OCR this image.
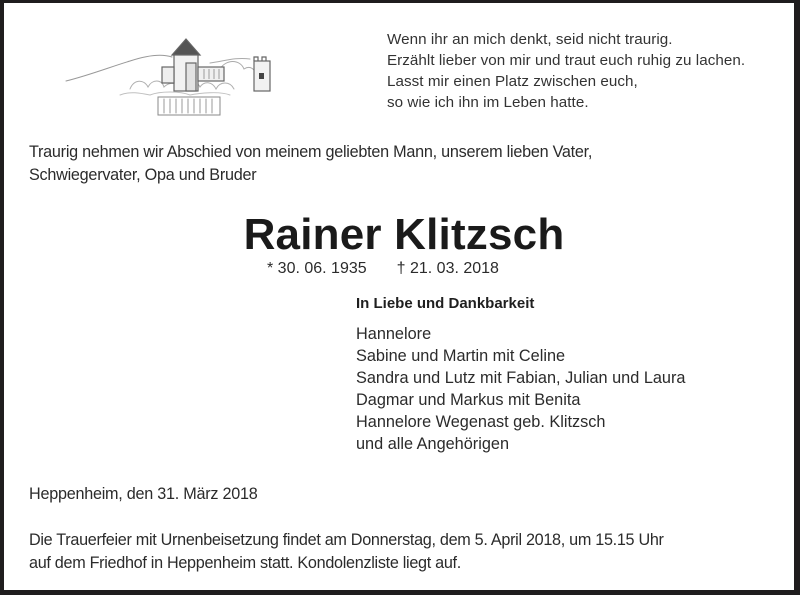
Wenn ihr an mich denkt, seid nicht traurig.
Erzählt lieber von mir und traut euch ruhig zu lachen.
Lasst mir einen Platz zwischen euch,
so wie ich ihn im Leben hatte.
Traurig nehmen wir Abschied von meinem geliebten Mann, unserem lieben Vater,
Schwiegervater, Opa und Bruder
Rainer Klitzsch
* 30. 06. 1935 † 21. 03. 2018
In Liebe und Dankbarkeit
Hannelore
Sabine und Martin mit Celine
Sandra und Lutz mit Fabian, Julian und Laura
Dagmar und Markus mit Benita
Hannelore Wegenast geb. Klitzsch
und alle Angehörigen
Heppenheim, den 31. März 2018
Die Trauerfeier mit Urnenbeisetzung findet am Donnerstag, dem 5. April 2018, um 15.15 Uhr
auf dem Friedhof in Heppenheim statt. Kondolenzliste liegt auf.
